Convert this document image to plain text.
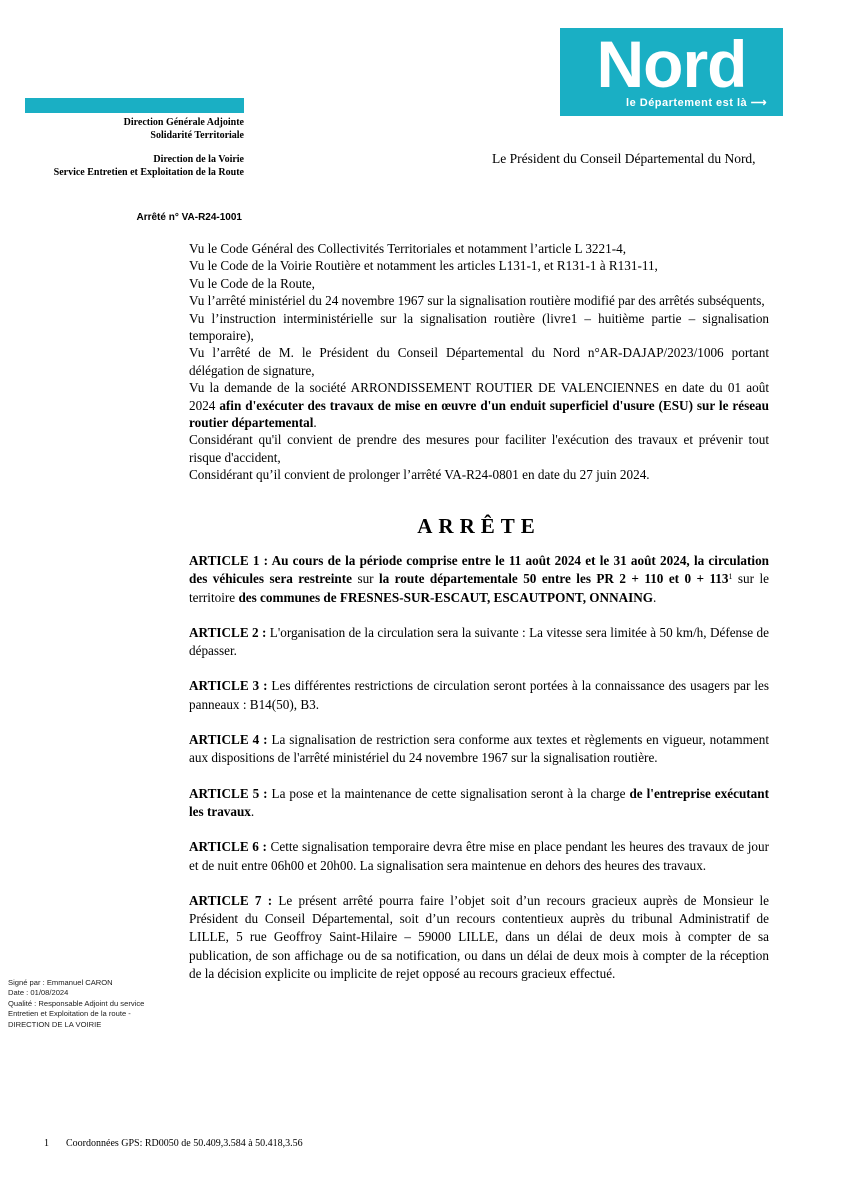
Direction Générale Adjointe
Solidarité Territoriale
Direction de la Voirie
Service Entretien et Exploitation de la Route
Nord
le Département est là ⟶
Le Président du Conseil Départemental du Nord,
Arrêté n° VA-R24-1001

Vu le Code Général des Collectivités Territoriales et notamment l’article L 3221-4,

Vu le Code de la Voirie Routière et notamment les articles L131-1, et R131-1 à R131-11,

Vu le Code de la Route,

Vu l’arrêté ministériel du 24 novembre 1967 sur la signalisation routière modifié par des arrêtés subséquents,

Vu l’instruction interministérielle sur la signalisation routière (livre1 – huitième partie – signalisation temporaire),

Vu l’arrêté de M. le Président du Conseil Départemental du Nord n°AR-DAJAP/2023/1006 portant délégation de signature,

Vu la demande de la société ARRONDISSEMENT ROUTIER DE VALENCIENNES en date du 01 août 2024 afin d'exécuter des travaux de mise en œuvre d'un enduit superficiel d'usure (ESU) sur le réseau routier départemental.

Considérant qu'il convient de prendre des mesures pour faciliter l'exécution des travaux et prévenir tout risque d'accident,

Considérant qu’il convient de prolonger l’arrêté VA-R24-0801 en date du 27 juin 2024.

ARRÊTE

ARTICLE 1 : Au cours de la période comprise entre le 11 août 2024 et le 31 août 2024, la circulation des véhicules sera restreinte sur la route départementale 50 entre les PR 2 + 110 et $0 + 113^1$ sur le territoire des communes de FRESNES-SUR-ESCAUT, ESCAUTPONT, ONNAING.

ARTICLE 2 : L'organisation de la circulation sera la suivante : La vitesse sera limitée à 50 km/h, Défense de dépasser.

ARTICLE 3 : Les différentes restrictions de circulation seront portées à la connaissance des usagers par les panneaux : B14(50), B3.

ARTICLE 4 : La signalisation de restriction sera conforme aux textes et règlements en vigueur, notamment aux dispositions de l'arrêté ministériel du 24 novembre 1967 sur la signalisation routière.

ARTICLE 5 : La pose et la maintenance de cette signalisation seront à la charge de l'entreprise exécutant les travaux.

ARTICLE 6 : Cette signalisation temporaire devra être mise en place pendant les heures des travaux de jour et de nuit entre 06h00 et 20h00. La signalisation sera maintenue en dehors des heures des travaux.

ARTICLE 7 : Le présent arrêté pourra faire l’objet soit d’un recours gracieux auprès de Monsieur le Président du Conseil Départemental, soit d’un recours contentieux auprès du tribunal Administratif de LILLE, 5 rue Geoffroy Saint-Hilaire – 59000 LILLE, dans un délai de deux mois à compter de sa publication, de son affichage ou de sa notification, ou dans un délai de deux mois à compter de la réception de la décision explicite ou implicite de rejet opposé au recours gracieux effectué.

Signé par : Emmanuel CARON
Date : 01/08/2024
Qualité : Responsable Adjoint du service Entretien et Exploitation de la route - DIRECTION DE LA VOIRIE
1 Coordonnées GPS: RD0050 de 50.409,3.584 à 50.418,3.56
